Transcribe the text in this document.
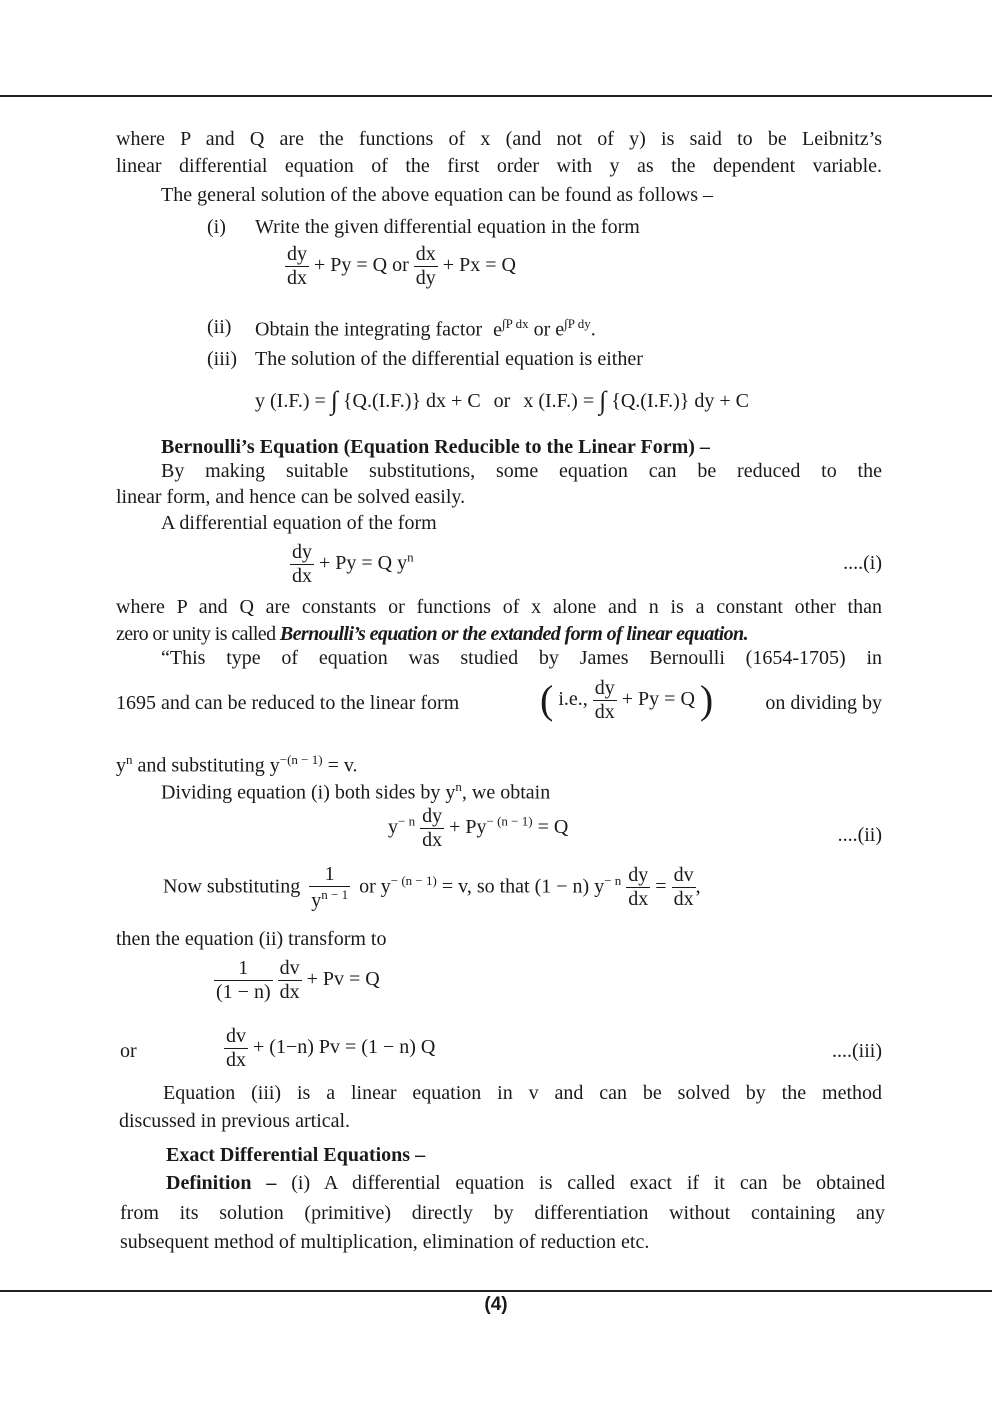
where P and Q are the functions of x (and not of y) is said to be Leibnitz’s
linear differential equation of the first order with y as the dependent variable.
The general solution of the above equation can be found as follows –
(i) Write the given differential equation in the form
$\frac{dy}{dx} + Py = Q$ or $\frac{dx}{dy} + Px = Q$
(ii) Obtain the integrating factor $e^{\int P dx}$ or $e^{\int P dy}$.
(iii) The solution of the differential equation is either
y (I.F.) = ∫ {Q.(I.F.)} dx + C or x (I.F.) = ∫ {Q.(I.F.)} dy + C
Bernoulli’s Equation (Equation Reducible to the Linear Form) –
By making suitable substitutions, some equation can be reduced to the
linear form, and hence can be solved easily.
A differential equation of the form
$\frac{dy}{dx} + Py = Q$ $y^n$	....(i)
where P and Q are constants or functions of x alone and n is a constant other than
zero or unity is called Bernoulli’s equation or the extanded form of linear equation.
“This type of equation was studied by James Bernoulli (1654-1705) in
1695 and can be reduced to the linear form ( i.e., $\frac{dy}{dx} + Py = Q$ )	on dividing by
$y^n$ and substituting $y^{-(n - 1)} = v$.
Dividing equation (i) both sides by $y^n$, we obtain
$y^{- n} \frac{dy}{dx} + Py^{- (n - 1)} = Q$	....(ii)
Now substituting $\frac{1}{y^{n - 1}}$ or $y^{- (n - 1)} = v$, so that (1 − n) $y^{- n} \frac{dy}{dx} = \frac{dv}{dx}$ ,
then the equation (ii) transform to
$\frac{1}{(1 - n)}$
$\frac{dv}{dx} + Pv = Q$
or	$\frac{dv}{dx} + (1-n) Pv = (1 - n)$ Q	....(iii)
Equation (iii) is a linear equation in v and can be solved by the method
discussed in previous artical.
Exact Differential Equations –
Definition – (i) A differential equation is called exact if it can be obtained
from its solution (primitive) directly by differentiation without containing any
subsequent method of multiplication, elimination of reduction etc.
(4)
